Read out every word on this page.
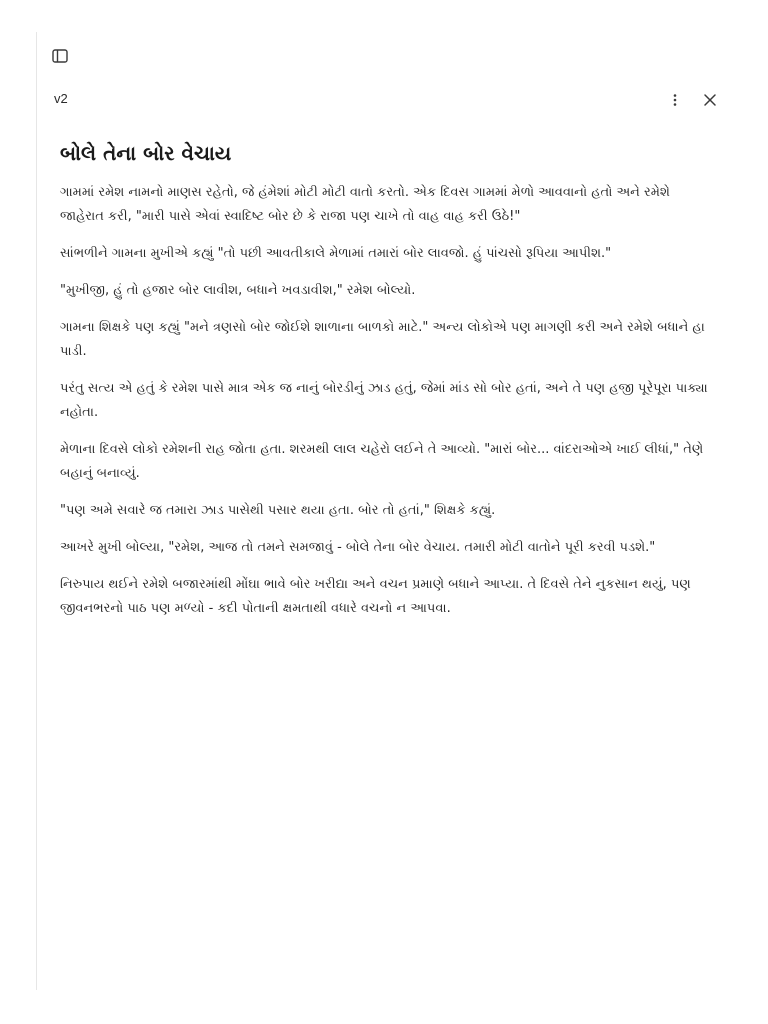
v2
બોલે તેના બોર વેચાય

ગામમાં રમેશ નામનો માણસ રહેતો, જે હંમેશાં મોટી મોટી વાતો કરતો. એક દિવસ ગામમાં મેળો આવવાનો હતો અને રમેશે જાહેરાત કરી, "મારી પાસે એવાં સ્વાદિષ્ટ બોર છે કે રાજા પણ ચાખે તો વાહ વાહ કરી ઉઠે!"

સાંભળીને ગામના મુખીએ કહ્યું "તો પછી આવતીકાલે મેળામાં તમારાં બોર લાવજો. હું પાંચસો રૂપિયા આપીશ."

"મુખીજી, હું તો હજાર બોર લાવીશ, બધાને ખવડાવીશ," રમેશ બોલ્યો.

ગામના શિક્ષકે પણ કહ્યું "મને ત્રણસો બોર જોઈશે શાળાના બાળકો માટે." અન્ય લોકોએ પણ માગણી કરી અને રમેશે બધાને હા પાડી.

પરંતુ સત્ય એ હતું કે રમેશ પાસે માત્ર એક જ નાનું બોરડીનું ઝાડ હતું, જેમાં માંડ સો બોર હતાં, અને તે પણ હજી પૂરેપૂરા પાક્યા નહોતા.

મેળાના દિવસે લોકો રમેશની રાહ જોતા હતા. શરમથી લાલ ચહેરો લઈને તે આવ્યો. "મારાં બોર... વાંદરાઓએ ખાઈ લીધાં," તેણે બહાનું બનાવ્યું.

"પણ અમે સવારે જ તમારા ઝાડ પાસેથી પસાર થયા હતા. બોર તો હતાં," શિક્ષકે કહ્યું.

આખરે મુખી બોલ્યા, "રમેશ, આજ તો તમને સમજાવું - બોલે તેના બોર વેચાય. તમારી મોટી વાતોને પૂરી કરવી પડશે."

નિરુપાય થઈને રમેશે બજારમાંથી મોંઘા ભાવે બોર ખરીદ્યા અને વચન પ્રમાણે બધાને આપ્યા. તે દિવસે તેને નુકસાન થયું, પણ જીવનભરનો પાઠ પણ મળ્યો - કદી પોતાની ક્ષમતાથી વધારે વચનો ન આપવા.
